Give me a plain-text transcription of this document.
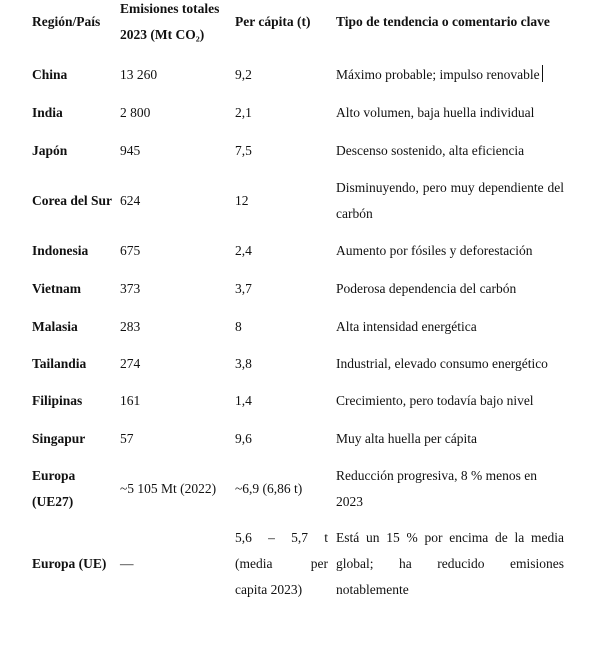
Región/País	Emisiones totales 2023 (Mt CO₂)	Per cápita (t)	Tipo de tendencia o comentario clave
China	13 260	9,2	Máximo probable; impulso renovable
India	2 800	2,1	Alto volumen, baja huella individual
Japón	945	7,5	Descenso sostenido, alta eficiencia
Corea del Sur	624	12	Disminuyendo, pero muy dependiente del carbón
Indonesia	675	2,4	Aumento por fósiles y deforestación
Vietnam	373	3,7	Poderosa dependencia del carbón
Malasia	283	8	Alta intensidad energética
Tailandia	274	3,8	Industrial, elevado consumo energético
Filipinas	161	1,4	Crecimiento, pero todavía bajo nivel
Singapur	57	9,6	Muy alta huella per cápita
Europa (UE27)	~5 105 Mt (2022)	~6,9 (6,86 t)	Reducción progresiva, 8 % menos en 2023
Europa (UE)	—	5,6 – 5,7 t (media per capita 2023)	Está un 15 % por encima de la media global; ha reducido emisiones notablemente
